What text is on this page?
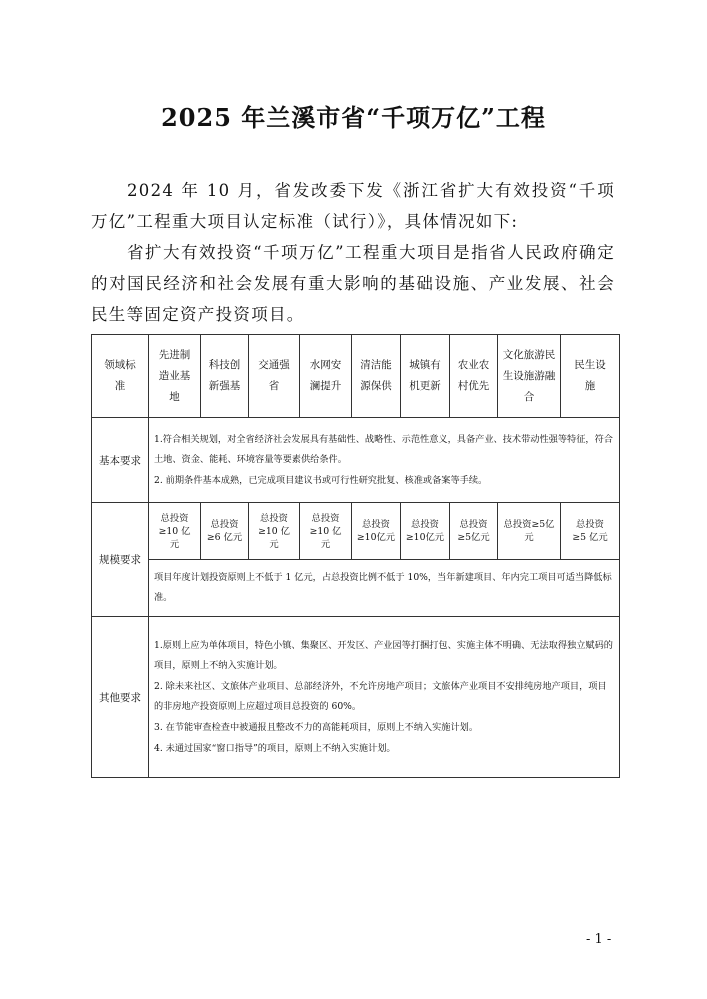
2025 年兰溪市省“千项万亿”工程
2024 年 10 月，省发改委下发《浙江省扩大有效投资“千项万亿”工程重大项目认定标准（试行）》，具体情况如下:
省扩大有效投资“千项万亿”工程重大项目是指省人民政府确定的对国民经济和社会发展有重大影响的基础设施、产业发展、社会民生等固定资产投资项目。
领域标准	先进制造业基地	科技创新强基	交通强省	水网安澜提升	清洁能源保供	城镇有机更新	农业农村优先	文化旅游民生设施游融合	民生设施
基本要求	1.符合相关规划，对全省经济社会发展具有基础性、战略性、示范性意义，具备产业、技术带动性强等特征，符合土地、资金、能耗、环境容量等要素供给条件。

2. 前期条件基本成熟，已完成项目建议书或可行性研究批复、核准或备案等手续。								

规模要求	总投资≥10 亿元	总投资≥6 亿元	总投资≥10 亿元	总投资≥10 亿元	总投资≥10亿元	总投资≥10亿元	总投资≥5亿元	总投资≥5亿元	总投资≥5 亿元
	项目年度计划投资原则上不低于 1 亿元，占总投资比例不低于 10%，当年新建项目、年内完工项目可适当降低标准。								
其他要求	1.原则上应为单体项目，特色小镇、集聚区、开发区、产业园等打捆打包、实施主体不明确、无法取得独立赋码的项目，原则上不纳入实施计划。

2. 除未来社区、文旅体产业项目、总部经济外，不允许房地产项目；文旅体产业项目不安排纯房地产项目，项目的非房地产投资原则上应超过项目总投资的 60%。

3. 在节能审查检查中被通报且整改不力的高能耗项目，原则上不纳入实施计划。

4. 未通过国家“窗口指导”的项目，原则上不纳入实施计划。								

- 1 -
